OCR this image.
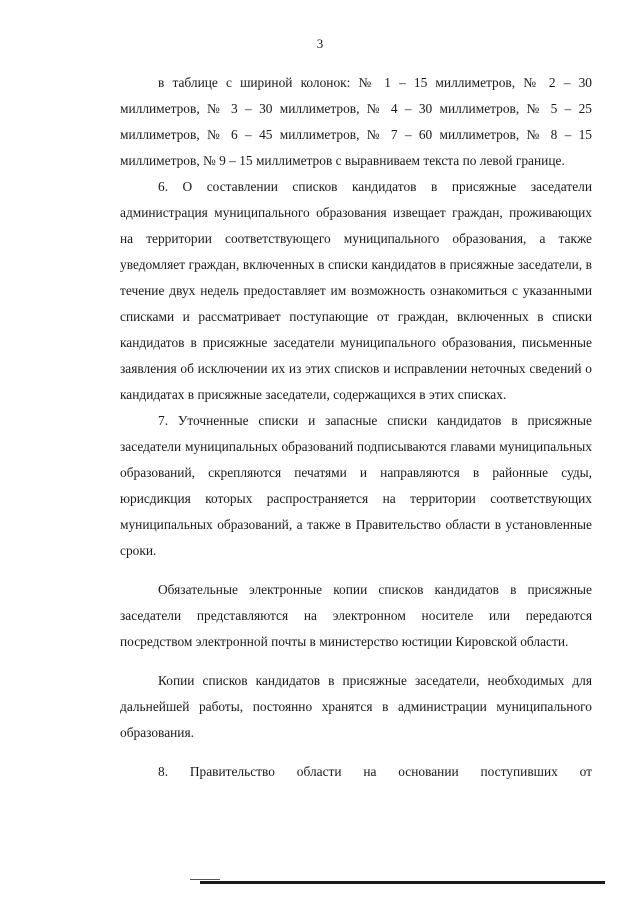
3

в таблице с шириной колонок: № 1 – 15 миллиметров, № 2 – 30 миллиметров, № 3 – 30 миллиметров, № 4 – 30 миллиметров, № 5 – 25 миллиметров, № 6 – 45 миллиметров, № 7 – 60 миллиметров, № 8 – 15 миллиметров, № 9 – 15 миллиметров с выравниваем текста по левой границе.

6. О составлении списков кандидатов в присяжные заседатели администрация муниципального образования извещает граждан, проживающих на территории соответствующего муниципального образования, а также уведомляет граждан, включенных в списки кандидатов в присяжные заседатели, в течение двух недель предоставляет им возможность ознакомиться с указанными списками и рассматривает поступающие от граждан, включенных в списки кандидатов в присяжные заседатели муниципального образования, письменные заявления об исключении их из этих списков и исправлении неточных сведений о кандидатах в присяжные заседатели, содержащихся в этих списках.

7. Уточненные списки и запасные списки кандидатов в присяжные заседатели муниципальных образований подписываются главами муниципальных образований, скрепляются печатями и направляются в районные суды, юрисдикция которых распространяется на территории соответствующих муниципальных образований, а также в Правительство области в установленные сроки.

Обязательные электронные копии списков кандидатов в присяжные заседатели представляются на электронном носителе или передаются посредством электронной почты в министерство юстиции Кировской области.

Копии списков кандидатов в присяжные заседатели, необходимых для дальнейшей работы, постоянно хранятся в администрации муниципального образования.

8. Правительство области на основании поступивших от
